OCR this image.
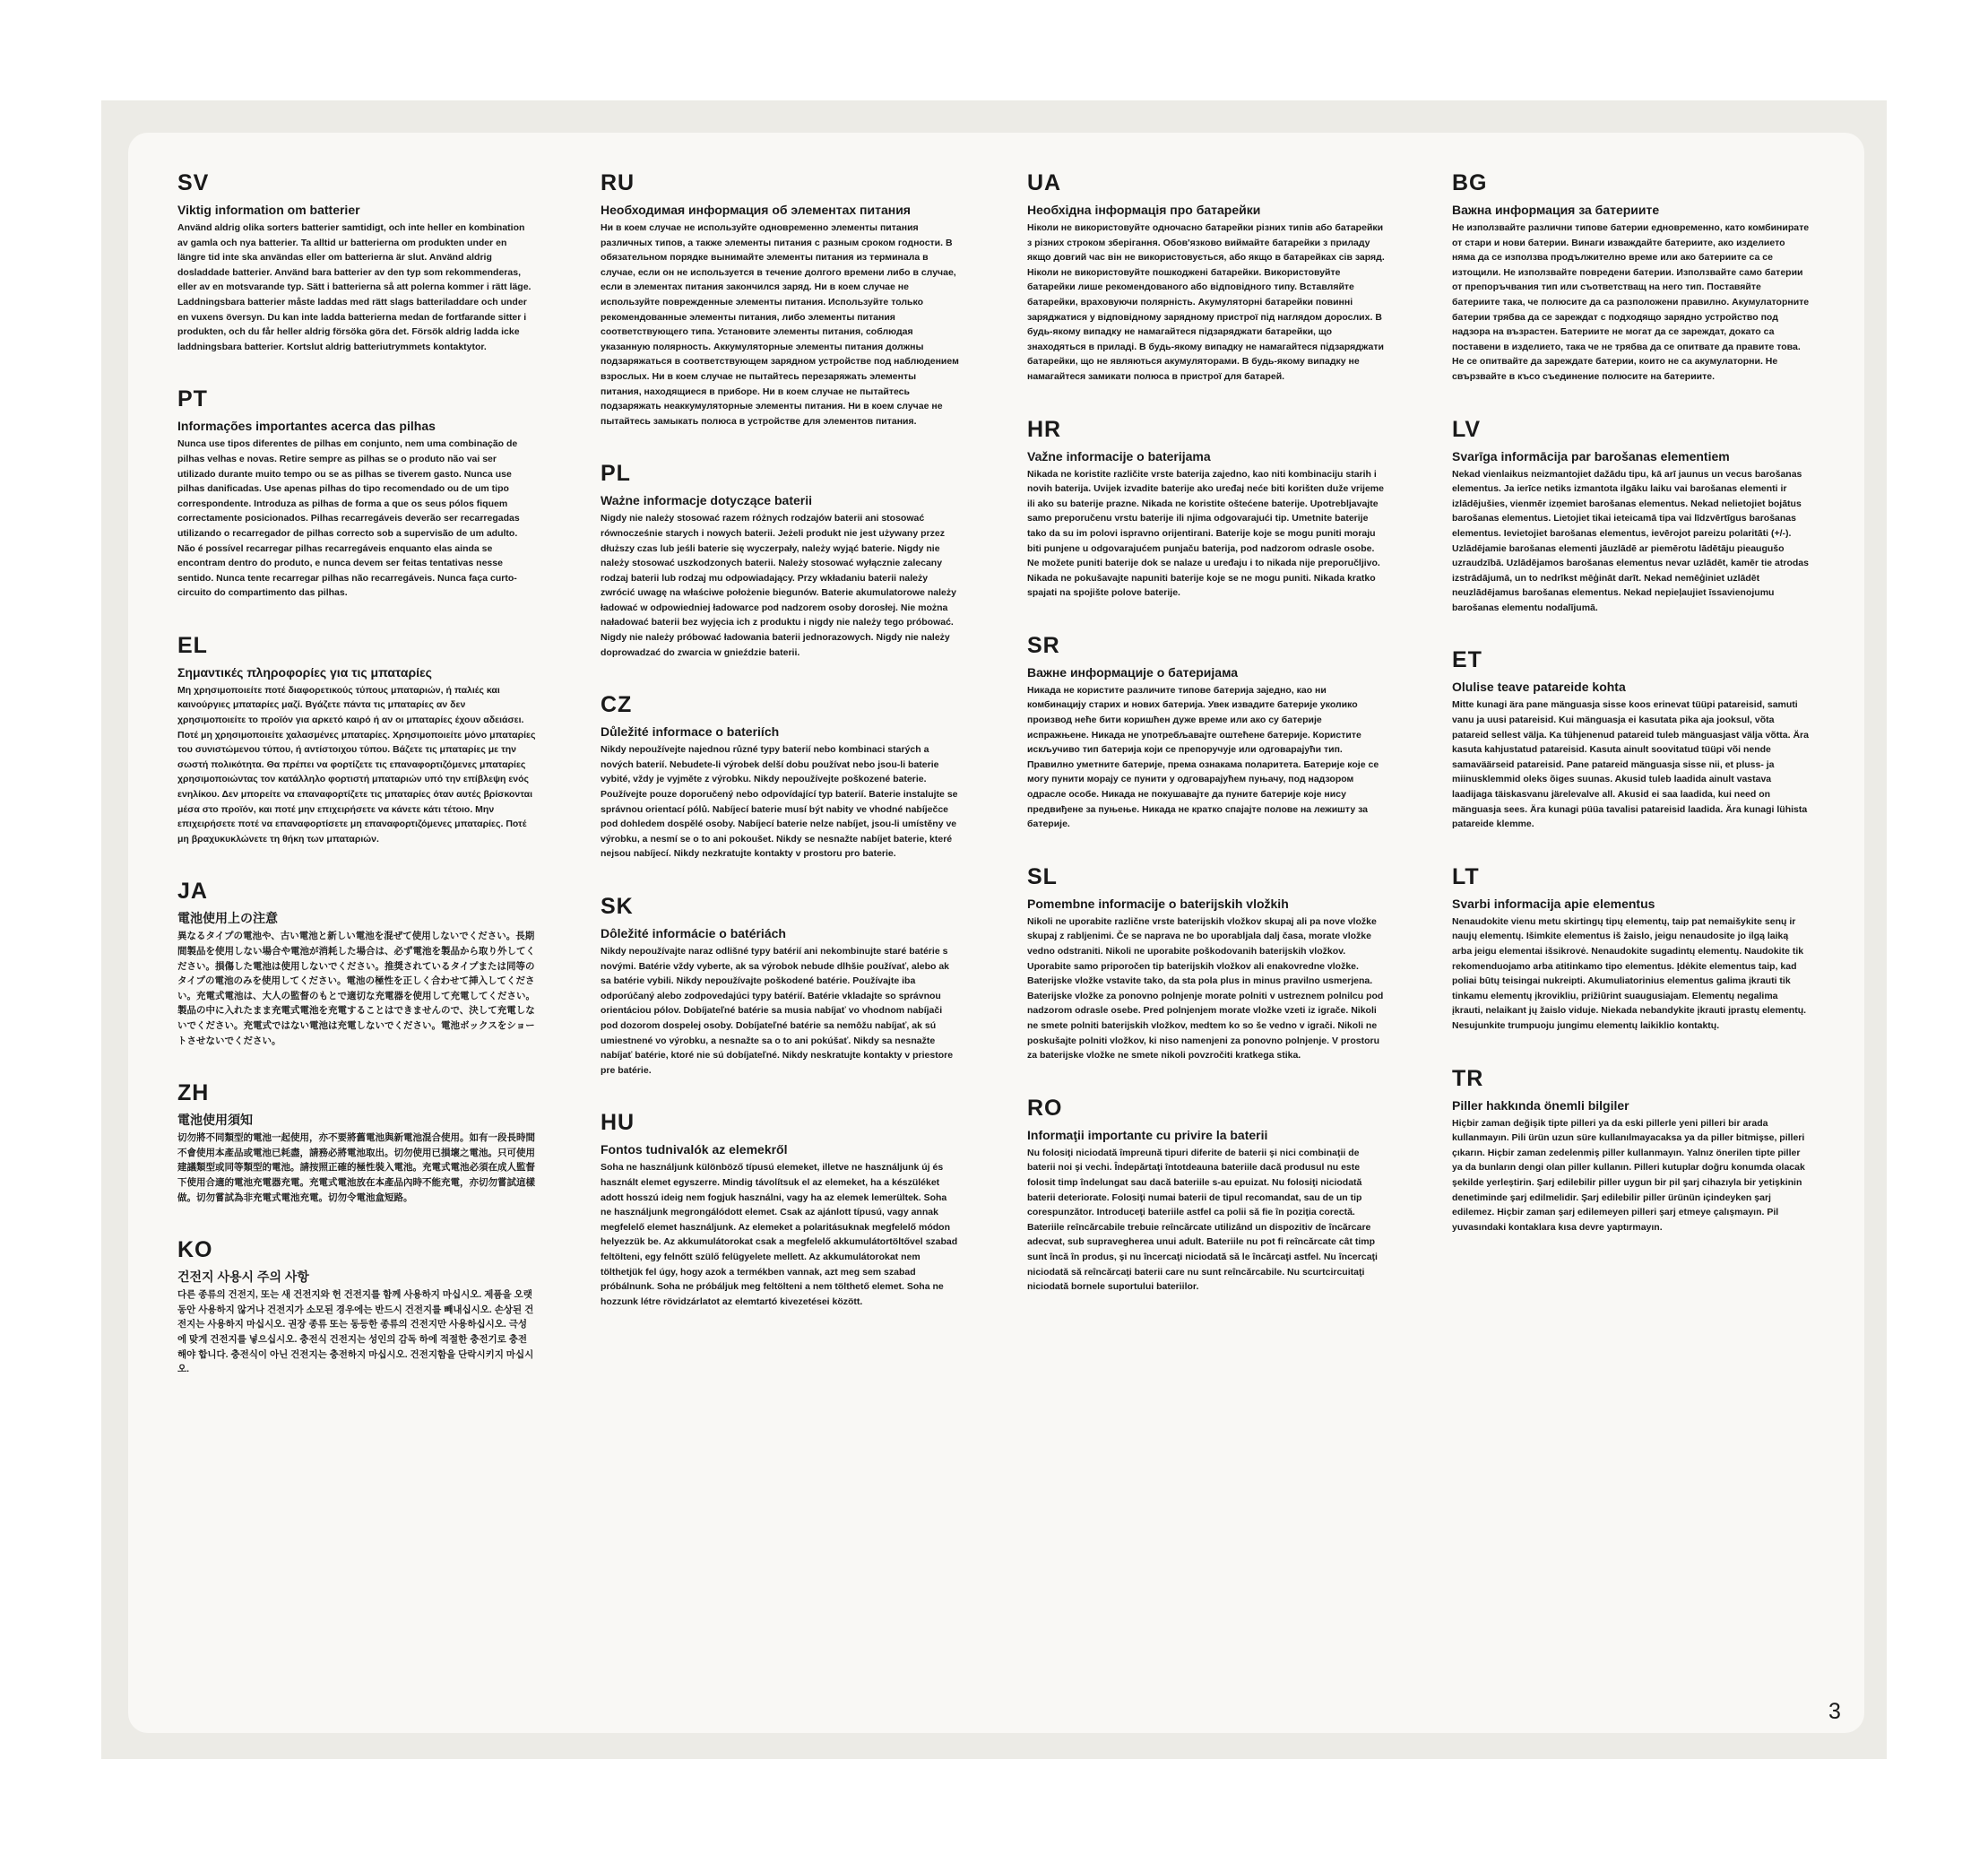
SV
Viktig information om batterier

Använd aldrig olika sorters batterier samtidigt, och inte heller en kombination av gamla och nya batterier. Ta alltid ur batterierna om produkten under en längre tid inte ska användas eller om batterierna är slut. Använd aldrig dosladdade batterier. Använd bara batterier av den typ som rekommenderas, eller av en motsvarande typ. Sätt i batterierna så att polerna kommer i rätt läge. Laddningsbara batterier måste laddas med rätt slags batteriladdare och under en vuxens översyn. Du kan inte ladda batterierna medan de fortfarande sitter i produkten, och du får heller aldrig försöka göra det. Försök aldrig ladda icke laddningsbara batterier. Kortslut aldrig batteriutrymmets kontaktytor.

PT
Informações importantes acerca das pilhas

Nunca use tipos diferentes de pilhas em conjunto, nem uma combinação de pilhas velhas e novas. Retire sempre as pilhas se o produto não vai ser utilizado durante muito tempo ou se as pilhas se tiverem gasto. Nunca use pilhas danificadas. Use apenas pilhas do tipo recomendado ou de um tipo correspondente. Introduza as pilhas de forma a que os seus pólos fiquem correctamente posicionados. Pilhas recarregáveis deverão ser recarregadas utilizando o recarregador de pilhas correcto sob a supervisão de um adulto. Não é possível recarregar pilhas recarregáveis enquanto elas ainda se encontram dentro do produto, e nunca devem ser feitas tentativas nesse sentido. Nunca tente recarregar pilhas não recarregáveis. Nunca faça curto-circuito do compartimento das pilhas.

EL
Σημαντικές πληροφορίες για τις μπαταρίες

Μη χρησιμοποιείτε ποτέ διαφορετικούς τύπους μπαταριών, ή παλιές και καινούργιες μπαταρίες μαζί. Βγάζετε πάντα τις μπαταρίες αν δεν χρησιμοποιείτε το προϊόν για αρκετό καιρό ή αν οι μπαταρίες έχουν αδειάσει. Ποτέ μη χρησιμοποιείτε χαλασμένες μπαταρίες. Χρησιμοποιείτε μόνο μπαταρίες του συνιστώμενου τύπου, ή αντίστοιχου τύπου. Βάζετε τις μπαταρίες με την σωστή πολικότητα. Θα πρέπει να φορτίζετε τις επαναφορτιζόμενες μπαταρίες χρησιμοποιώντας τον κατάλληλο φορτιστή μπαταριών υπό την επίβλεψη ενός ενηλίκου. Δεν μπορείτε να επαναφορτίζετε τις μπαταρίες όταν αυτές βρίσκονται μέσα στο προϊόν, και ποτέ μην επιχειρήσετε να κάνετε κάτι τέτοιο. Μην επιχειρήσετε ποτέ να επαναφορτίσετε μη επαναφορτιζόμενες μπαταρίες. Ποτέ μη βραχυκυκλώνετε τη θήκη των μπαταριών.

JA
電池使用上の注意

異なるタイプの電池や、古い電池と新しい電池を混ぜて使用しないでください。長期間製品を使用しない場合や電池が消耗した場合は、必ず電池を製品から取り外してください。損傷した電池は使用しないでください。推奨されているタイプまたは同等のタイプの電池のみを使用してください。電池の極性を正しく合わせて挿入してください。充電式電池は、大人の監督のもとで適切な充電器を使用して充電してください。製品の中に入れたまま充電式電池を充電することはできませんので、決して充電しないでください。充電式ではない電池は充電しないでください。電池ボックスをショートさせないでください。

ZH
電池使用須知

切勿將不同類型的電池一起使用，亦不要將舊電池與新電池混合使用。如有一段長時間不會使用本產品或電池已耗盡，請務必將電池取出。切勿使用已損壞之電池。只可使用建議類型或同等類型的電池。請按照正確的極性裝入電池。充電式電池必須在成人監督下使用合適的電池充電器充電。充電式電池放在本產品內時不能充電，亦切勿嘗試這樣做。切勿嘗試為非充電式電池充電。切勿令電池盒短路。

KO
건전지 사용시 주의 사항

다른 종류의 건전지, 또는 새 건전지와 헌 건전지를 함께 사용하지 마십시오. 제품을 오랫동안 사용하지 않거나 건전지가 소모된 경우에는 반드시 건전지를 빼내십시오. 손상된 건전지는 사용하지 마십시오. 권장 종류 또는 동등한 종류의 건전지만 사용하십시오. 극성에 맞게 건전지를 넣으십시오. 충전식 건전지는 성인의 감독 하에 적절한 충전기로 충전해야 합니다. 충전식이 아닌 건전지는 충전하지 마십시오. 건전지함을 단락시키지 마십시오.

RU
Необходимая информация об элементах питания

Ни в коем случае не используйте одновременно элементы питания различных типов, а также элементы питания с разным сроком годности. В обязательном порядке вынимайте элементы питания из терминала в случае, если он не используется в течение долгого времени либо в случае, если в элементах питания закончился заряд. Ни в коем случае не используйте поврежденные элементы питания. Используйте только рекомендованные элементы питания, либо элементы питания соответствующего типа. Установите элементы питания, соблюдая указанную полярность. Аккумуляторные элементы питания должны подзаряжаться в соответствующем зарядном устройстве под наблюдением взрослых. Ни в коем случае не пытайтесь перезаряжать элементы питания, находящиеся в приборе. Ни в коем случае не пытайтесь подзаряжать неаккумуляторные элементы питания. Ни в коем случае не пытайтесь замыкать полюса в устройстве для элементов питания.

PL
Ważne informacje dotyczące baterii

Nigdy nie należy stosować razem różnych rodzajów baterii ani stosować równocześnie starych i nowych baterii. Jeżeli produkt nie jest używany przez dłuższy czas lub jeśli baterie się wyczerpały, należy wyjąć baterie. Nigdy nie należy stosować uszkodzonych baterii. Należy stosować wyłącznie zalecany rodzaj baterii lub rodzaj mu odpowiadający. Przy wkładaniu baterii należy zwrócić uwagę na właściwe położenie biegunów. Baterie akumulatorowe należy ładować w odpowiedniej ładowarce pod nadzorem osoby dorosłej. Nie można naładować baterii bez wyjęcia ich z produktu i nigdy nie należy tego próbować. Nigdy nie należy próbować ładowania baterii jednorazowych. Nigdy nie należy doprowadzać do zwarcia w gnieździe baterii.

CZ
Důležité informace o bateriích

Nikdy nepoužívejte najednou různé typy baterií nebo kombinaci starých a nových baterií. Nebudete-li výrobek delší dobu používat nebo jsou-li baterie vybité, vždy je vyjměte z výrobku. Nikdy nepoužívejte poškozené baterie. Používejte pouze doporučený nebo odpovídající typ baterií. Baterie instalujte se správnou orientací pólů. Nabíjecí baterie musí být nabity ve vhodné nabíječce pod dohledem dospělé osoby. Nabíjecí baterie nelze nabíjet, jsou-li umístěny ve výrobku, a nesmí se o to ani pokoušet. Nikdy se nesnažte nabíjet baterie, které nejsou nabíjecí. Nikdy nezkratujte kontakty v prostoru pro baterie.

SK
Dôležité informácie o batériách

Nikdy nepoužívajte naraz odlišné typy batérií ani nekombinujte staré batérie s novými. Batérie vždy vyberte, ak sa výrobok nebude dlhšie používať, alebo ak sa batérie vybili. Nikdy nepoužívajte poškodené batérie. Používajte iba odporúčaný alebo zodpovedajúci typy batérií. Batérie vkladajte so správnou orientáciou pólov. Dobíjateľné batérie sa musia nabíjať vo vhodnom nabíjači pod dozorom dospelej osoby. Dobíjateľné batérie sa nemôžu nabíjať, ak sú umiestnené vo výrobku, a nesnažte sa o to ani pokúšať. Nikdy sa nesnažte nabíjať batérie, ktoré nie sú dobíjateľné. Nikdy neskratujte kontakty v priestore pre batérie.

HU
Fontos tudnivalók az elemekről

Soha ne használjunk különböző típusú elemeket, illetve ne használjunk új és használt elemet egyszerre. Mindig távolítsuk el az elemeket, ha a készüléket adott hosszú ideig nem fogjuk használni, vagy ha az elemek lemerültek. Soha ne használjunk megrongálódott elemet. Csak az ajánlott típusú, vagy annak megfelelő elemet használjunk. Az elemeket a polaritásuknak megfelelő módon helyezzük be. Az akkumulátorokat csak a megfelelő akkumulátortöltővel szabad feltölteni, egy felnőtt szülő felügyelete mellett. Az akkumulátorokat nem tölthetjük fel úgy, hogy azok a termékben vannak, azt meg sem szabad próbálnunk. Soha ne próbáljuk meg feltölteni a nem tölthető elemet. Soha ne hozzunk létre rövidzárlatot az elemtartó kivezetései között.

UA
Необхідна інформація про батарейки

Ніколи не використовуйте одночасно батарейки різних типів або батарейки з різних строком зберігання. Обов'язково виймайте батарейки з приладу якщо довгий час він не використовується, або якщо в батарейках сів заряд. Ніколи не використовуйте пошкоджені батарейки. Використовуйте батарейки лише рекомендованого або відповідного типу. Вставляйте батарейки, враховуючи полярність. Акумуляторні батарейки повинні заряджатися у відповідному зарядному пристрої під наглядом дорослих. В будь-якому випадку не намагайтеся підзаряджати батарейки, що знаходяться в приладі. В будь-якому випадку не намагайтеся підзаряджати батарейки, що не являються акумуляторами. В будь-якому випадку не намагайтеся замикати полюса в пристрої для батарей.

HR
Važne informacije o baterijama

Nikada ne koristite različite vrste baterija zajedno, kao niti kombinaciju starih i novih baterija. Uvijek izvadite baterije ako uređaj neće biti korišten duže vrijeme ili ako su baterije prazne. Nikada ne koristite oštećene baterije. Upotrebljavajte samo preporučenu vrstu baterije ili njima odgovarajući tip. Umetnite baterije tako da su im polovi ispravno orijentirani. Baterije koje se mogu puniti moraju biti punjene u odgovarajućem punjaču baterija, pod nadzorom odrasle osobe. Ne možete puniti baterije dok se nalaze u uređaju i to nikada nije preporučljivo. Nikada ne pokušavajte napuniti baterije koje se ne mogu puniti. Nikada kratko spajati na spojište polove baterije.

SR
Важне информације о батеријама

Никада не користите различите типове батерија заједно, као ни комбинацију старих и нових батерија. Увек извадите батерије уколико производ неће бити коришћен дуже време или ако су батерије испражњене. Никада не употребљавајте оштећене батерије. Користите искључиво тип батерија који се препоручује или одговарајући тип. Правилно уметните батерије, према ознакама поларитета. Батерије које се могу пунити морају се пунити у одговарајућем пуњачу, под надзором одрасле особе. Никада не покушавајте да пуните батерије које нису предвиђене за пуњење. Никада не кратко спајајте полове на лежишту за батерије.

SL
Pomembne informacije o baterijskih vložkih

Nikoli ne uporabite različne vrste baterijskih vložkov skupaj ali pa nove vložke skupaj z rabljenimi. Če se naprava ne bo uporabljala dalj časa, morate vložke vedno odstraniti. Nikoli ne uporabite poškodovanih baterijskih vložkov. Uporabite samo priporočen tip baterijskih vložkov ali enakovredne vložke. Baterijske vložke vstavite tako, da sta pola plus in minus pravilno usmerjena. Baterijske vložke za ponovno polnjenje morate polniti v ustreznem polnilcu pod nadzorom odrasle osebe. Pred polnjenjem morate vložke vzeti iz igrače. Nikoli ne smete polniti baterijskih vložkov, medtem ko so še vedno v igrači. Nikoli ne poskušajte polniti vložkov, ki niso namenjeni za ponovno polnjenje. V prostoru za baterijske vložke ne smete nikoli povzročiti kratkega stika.

RO
Informaţii importante cu privire la baterii

Nu folosiţi niciodată împreună tipuri diferite de baterii şi nici combinaţii de baterii noi şi vechi. Îndepărtaţi întotdeauna bateriile dacă produsul nu este folosit timp îndelungat sau dacă bateriile s-au epuizat. Nu folosiţi niciodată baterii deteriorate. Folosiţi numai baterii de tipul recomandat, sau de un tip corespunzător. Introduceţi bateriile astfel ca polii să fie în poziţia corectă. Bateriile reîncărcabile trebuie reîncărcate utilizând un dispozitiv de încărcare adecvat, sub supravegherea unui adult. Bateriile nu pot fi reîncărcate cât timp sunt încă în produs, şi nu încercaţi niciodată să le încărcaţi astfel. Nu încercaţi niciodată să reîncărcaţi baterii care nu sunt reîncărcabile. Nu scurtcircuitaţi niciodată bornele suportului bateriilor.

BG
Важна информация за батериите

Не използвайте различни типове батерии едновременно, като комбинирате от стари и нови батерии. Винаги изваждайте батериите, ако изделието няма да се използва продължително време или ако батериите са се изтощили. Не използвайте повредени батерии. Използвайте само батерии от препоръчвания тип или съответстващ на него тип. Поставяйте батериите така, че полюсите да са разположени правилно. Акумулаторните батерии трябва да се зареждат с подходящо зарядно устройство под надзора на възрастен. Батериите не могат да се зареждат, докато са поставени в изделието, така че не трябва да се опитвате да правите това. Не се опитвайте да зареждате батерии, които не са акумулаторни. Не свързвайте в късо съединение полюсите на батериите.

LV
Svarīga informācija par barošanas elementiem

Nekad vienlaikus neizmantojiet dažādu tipu, kā arī jaunus un vecus barošanas elementus. Ja ierīce netiks izmantota ilgāku laiku vai barošanas elementi ir izlādējušies, vienmēr izņemiet barošanas elementus. Nekad nelietojiet bojātus barošanas elementus. Lietojiet tikai ieteicamā tipa vai līdzvērtīgus barošanas elementus. Ievietojiet barošanas elementus, ievērojot pareizu polaritāti (+/-). Uzlādējamie barošanas elementi jāuzlādē ar piemērotu lādētāju pieaugušo uzraudzībā. Uzlādējamos barošanas elementus nevar uzlādēt, kamēr tie atrodas izstrādājumā, un to nedrīkst mēģināt darīt. Nekad nemēģiniet uzlādēt neuzlādējamus barošanas elementus. Nekad nepieļaujiet īssavienojumu barošanas elementu nodalījumā.

ET
Olulise teave patareide kohta

Mitte kunagi ära pane mänguasja sisse koos erinevat tüüpi patareisid, samuti vanu ja uusi patareisid. Kui mänguasja ei kasutata pika aja jooksul, võta patareid sellest välja. Ka tühjenenud patareid tuleb mänguasjast välja võtta. Ära kasuta kahjustatud patareisid. Kasuta ainult soovitatud tüüpi või nende samaväärseid patareisid. Pane patareid mänguasja sisse nii, et pluss- ja miinusklemmid oleks õiges suunas. Akusid tuleb laadida ainult vastava laadijaga täiskasvanu järelevalve all. Akusid ei saa laadida, kui need on mänguasja sees. Ära kunagi püüa tavalisi patareisid laadida. Ära kunagi lühista patareide klemme.

LT
Svarbi informacija apie elementus

Nenaudokite vienu metu skirtingų tipų elementų, taip pat nemaišykite senų ir naujų elementų. Išimkite elementus iš žaislo, jeigu nenaudosite jo ilgą laiką arba jeigu elementai išsikrovė. Nenaudokite sugadintų elementų. Naudokite tik rekomenduojamo arba atitinkamo tipo elementus. Įdėkite elementus taip, kad poliai būtų teisingai nukreipti. Akumuliatorinius elementus galima įkrauti tik tinkamu elementų įkrovikliu, prižiūrint suaugusiajam. Elementų negalima įkrauti, nelaikant jų žaislo viduje. Niekada nebandykite įkrauti įprastų elementų. Nesujunkite trumpuoju jungimu elementų laikiklio kontaktų.

TR
Piller hakkında önemli bilgiler

Hiçbir zaman değişik tipte pilleri ya da eski pillerle yeni pilleri bir arada kullanmayın. Pili ürün uzun süre kullanılmayacaksa ya da piller bitmişse, pilleri çıkarın. Hiçbir zaman zedelenmiş piller kullanmayın. Yalnız önerilen tipte piller ya da bunların dengi olan piller kullanın. Pilleri kutuplar doğru konumda olacak şekilde yerleştirin. Şarj edilebilir piller uygun bir pil şarj cihazıyla bir yetişkinin denetiminde şarj edilmelidir. Şarj edilebilir piller ürünün içindeyken şarj edilemez. Hiçbir zaman şarj edilemeyen pilleri şarj etmeye çalışmayın. Pil yuvasındaki kontaklara kısa devre yaptırmayın.

3
